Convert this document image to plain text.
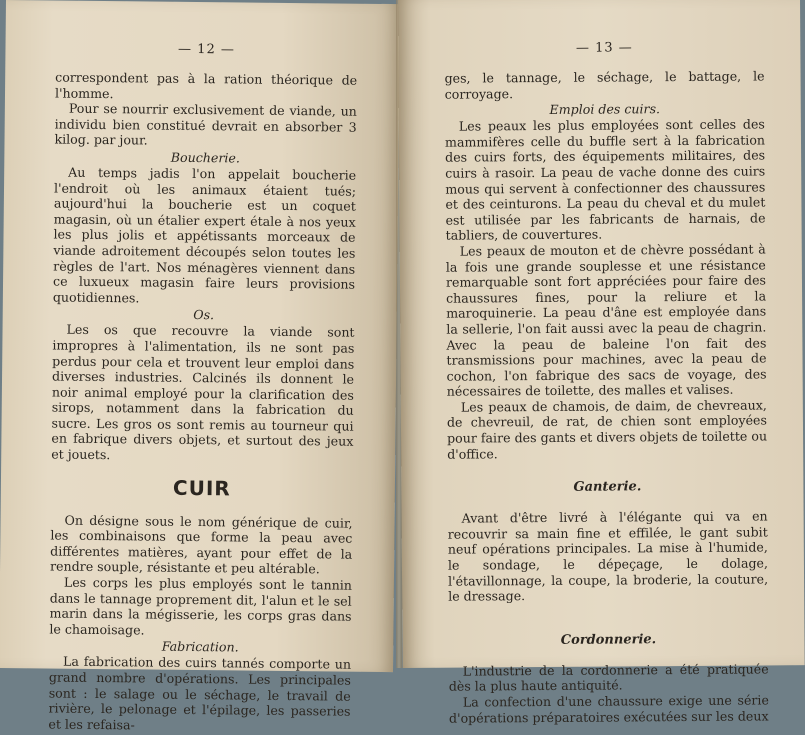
— 12 —

correspondent pas à la ration théorique de l'homme.

Pour se nourrir exclusivement de viande, un individu bien constitué devrait en absorber 3 kilog. par jour.

Boucherie.

Au temps jadis l'on appelait boucherie l'endroit où les animaux étaient tués; aujourd'hui la boucherie est un coquet magasin, où un étalier expert étale à nos yeux les plus jolis et appétissants morceaux de viande adroitement découpés selon toutes les règles de l'art. Nos ménagères viennent dans ce luxueux magasin faire leurs provisions quotidiennes.

Os.

Les os que recouvre la viande sont impropres à l'alimentation, ils ne sont pas perdus pour cela et trouvent leur emploi dans diverses industries. Calcinés ils donnent le noir animal employé pour la clarification des sirops, notamment dans la fabrication du sucre. Les gros os sont remis au tourneur qui en fabrique divers objets, et surtout des jeux et jouets.

CUIR

On désigne sous le nom générique de cuir, les combinaisons que forme la peau avec différentes matières, ayant pour effet de la rendre souple, résistante et peu altérable.

Les corps les plus employés sont le tannin dans le tannage proprement dit, l'alun et le sel marin dans la mégisserie, les corps gras dans le chamoisage.

Fabrication.

La fabrication des cuirs tannés comporte un grand nombre d'opérations. Les principales sont : le salage ou le séchage, le travail de rivière, le pelonage et l'épilage, les passeries et les refaisa-

— 13 —

ges, le tannage, le séchage, le battage, le corroyage.

Emploi des cuirs.

Les peaux les plus employées sont celles des mammifères celle du buffle sert à la fabrication des cuirs forts, des équipements militaires, des cuirs à rasoir. La peau de vache donne des cuirs mous qui servent à confectionner des chaussures et des ceinturons. La peau du cheval et du mulet est utilisée par les fabricants de harnais, de tabliers, de couvertures.

Les peaux de mouton et de chèvre possédant à la fois une grande souplesse et une résistance remarquable sont fort appréciées pour faire des chaussures fines, pour la reliure et la maroquinerie. La peau d'âne est employée dans la sellerie, l'on fait aussi avec la peau de chagrin. Avec la peau de baleine l'on fait des transmissions pour machines, avec la peau de cochon, l'on fabrique des sacs de voyage, des nécessaires de toilette, des malles et valises.

Les peaux de chamois, de daim, de chevreaux, de chevreuil, de rat, de chien sont employées pour faire des gants et divers objets de toilette ou d'office.

Ganterie.

Avant d'être livré à l'élégante qui va en recouvrir sa main fine et effilée, le gant subit neuf opérations principales. La mise à l'humide, le sondage, le dépeçage, le dolage, l'étavillonnage, la coupe, la broderie, la couture, le dressage.

Cordonnerie.

L'industrie de la cordonnerie a été pratiquée dès la plus haute antiquité.

La confection d'une chaussure exige une série d'opérations préparatoires exécutées sur les deux
